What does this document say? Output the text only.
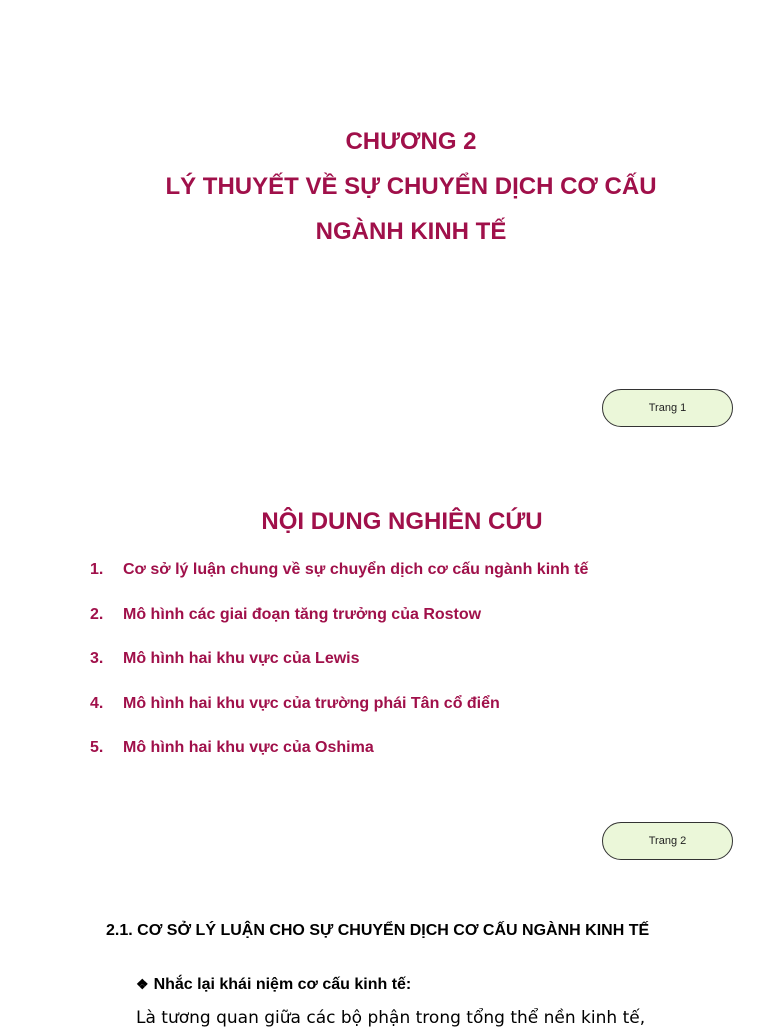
CHƯƠNG 2
LÝ THUYẾT VỀ SỰ CHUYỂN DỊCH CƠ CẤU
NGÀNH KINH TẾ
Trang 1
NỘI DUNG NGHIÊN CỨU
1.	Cơ sở lý luận chung về sự chuyển dịch cơ cấu ngành kinh tế
2.	Mô hình các giai đoạn tăng trưởng của Rostow
3.	Mô hình hai khu vực của Lewis
4.	Mô hình hai khu vực của trường phái Tân cổ điển
5.	Mô hình hai khu vực của Oshima
Trang 2
2.1. CƠ SỞ LÝ LUẬN CHO SỰ CHUYỂN DỊCH CƠ CẤU NGÀNH KINH TẾ
❖ Nhắc lại khái niệm cơ cấu kinh tế:
Là tương quan giữa các bộ phận trong tổng thể nền kinh tế,
